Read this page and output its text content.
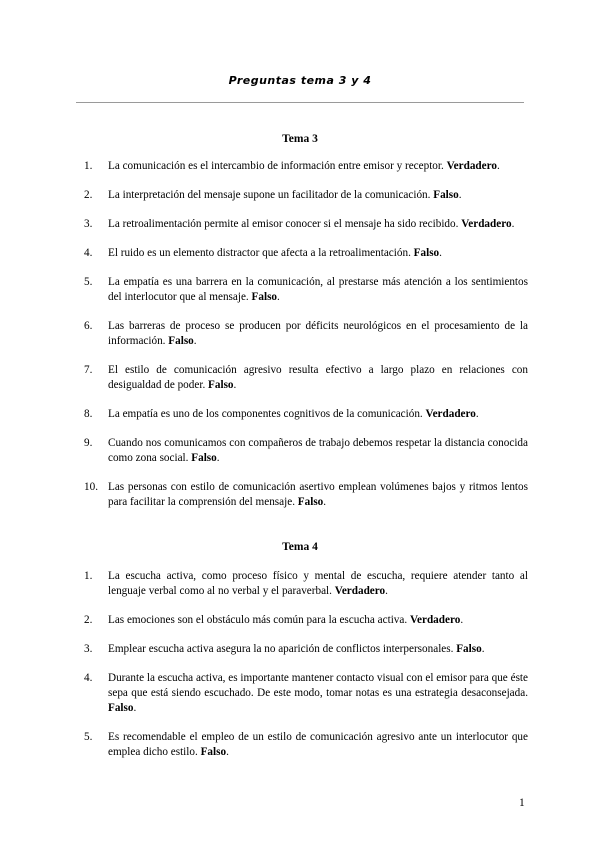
Preguntas tema 3 y 4
Tema 3
1.	La comunicación es el intercambio de información entre emisor y receptor. Verdadero.
2.	La interpretación del mensaje supone un facilitador de la comunicación. Falso.
3.	La retroalimentación permite al emisor conocer si el mensaje ha sido recibido. Verdadero.
4.	El ruido es un elemento distractor que afecta a la retroalimentación. Falso.
5.	La empatía es una barrera en la comunicación, al prestarse más atención a los sentimientos del interlocutor que al mensaje. Falso.
6.	Las barreras de proceso se producen por déficits neurológicos en el procesamiento de la información. Falso.
7.	El estilo de comunicación agresivo resulta efectivo a largo plazo en relaciones con desigualdad de poder. Falso.
8.	La empatía es uno de los componentes cognitivos de la comunicación. Verdadero.
9.	Cuando nos comunicamos con compañeros de trabajo debemos respetar la distancia conocida como zona social. Falso.
10. Las personas con estilo de comunicación asertivo emplean volúmenes bajos y ritmos lentos para facilitar la comprensión del mensaje. Falso.
Tema 4
1.	La escucha activa, como proceso físico y mental de escucha, requiere atender tanto al lenguaje verbal como al no verbal y el paraverbal. Verdadero.
2.	Las emociones son el obstáculo más común para la escucha activa. Verdadero.
3.	Emplear escucha activa asegura la no aparición de conflictos interpersonales. Falso.
4.	Durante la escucha activa, es importante mantener contacto visual con el emisor para que éste sepa que está siendo escuchado. De este modo, tomar notas es una estrategia desaconsejada. Falso.
5.	Es recomendable el empleo de un estilo de comunicación agresivo ante un interlocutor que emplea dicho estilo. Falso.
1
